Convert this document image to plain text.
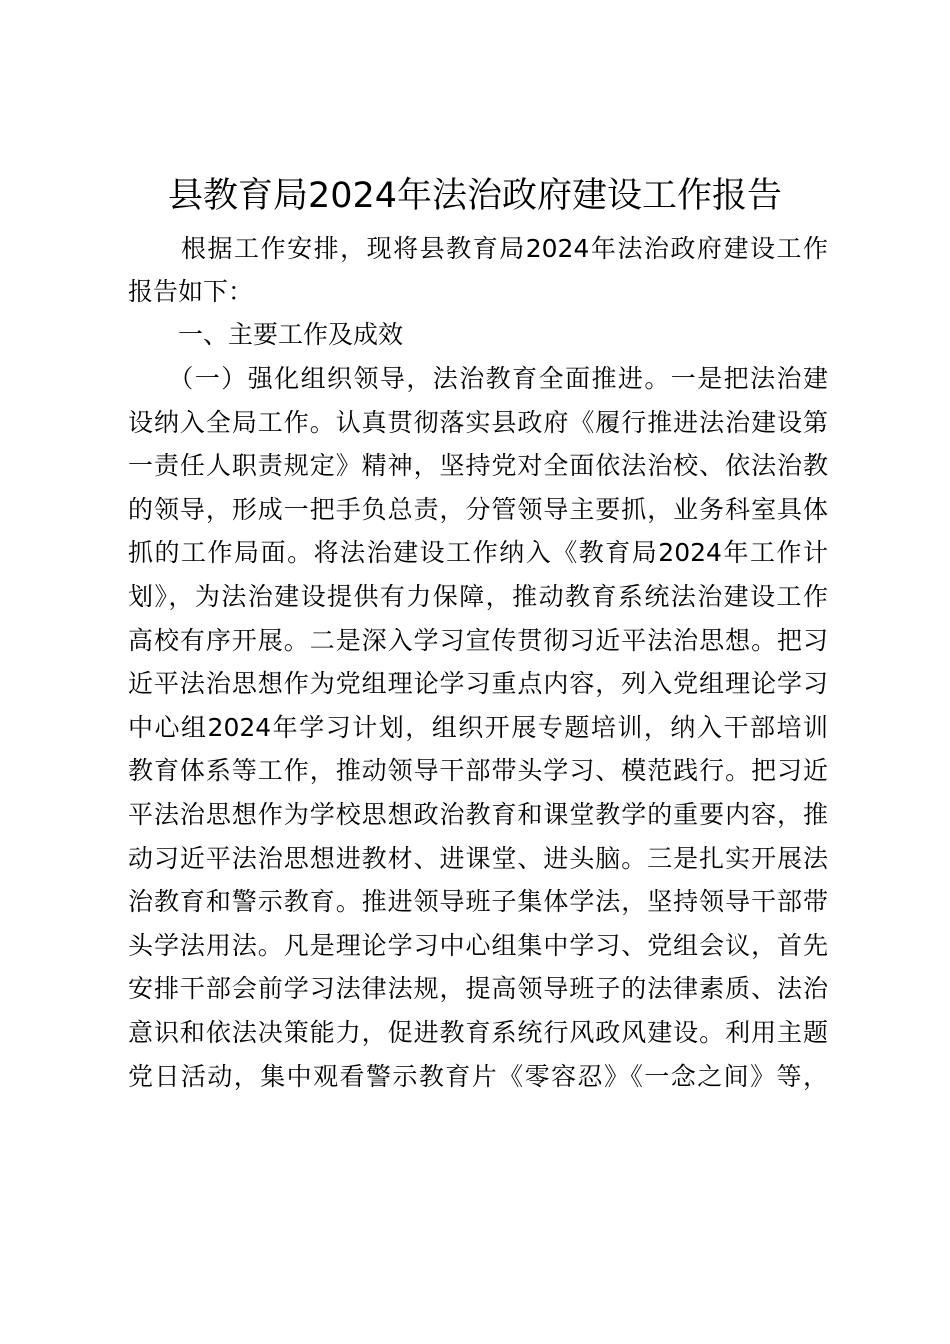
县教育局2024年法治政府建设工作报告
　　根据工作安排，现将县教育局2024年法治政府建设工作
报告如下：
　　一、主要工作及成效
　　（一）强化组织领导，法治教育全面推进。一是把法治建
设纳入全局工作。认真贯彻落实县政府《履行推进法治建设第
一责任人职责规定》精神，坚持党对全面依法治校、依法治教
的领导，形成一把手负总责，分管领导主要抓，业务科室具体
抓的工作局面。将法治建设工作纳入《教育局2024年工作计
划》，为法治建设提供有力保障，推动教育系统法治建设工作
高校有序开展。二是深入学习宣传贯彻习近平法治思想。把习
近平法治思想作为党组理论学习重点内容，列入党组理论学习
中心组2024年学习计划，组织开展专题培训，纳入干部培训
教育体系等工作，推动领导干部带头学习、模范践行。把习近
平法治思想作为学校思想政治教育和课堂教学的重要内容，推
动习近平法治思想进教材、进课堂、进头脑。三是扎实开展法
治教育和警示教育。推进领导班子集体学法，坚持领导干部带
头学法用法。凡是理论学习中心组集中学习、党组会议，首先
安排干部会前学习法律法规，提高领导班子的法律素质、法治
意识和依法决策能力，促进教育系统行风政风建设。利用主题
党日活动，集中观看警示教育片《零容忍》《一念之间》等，
